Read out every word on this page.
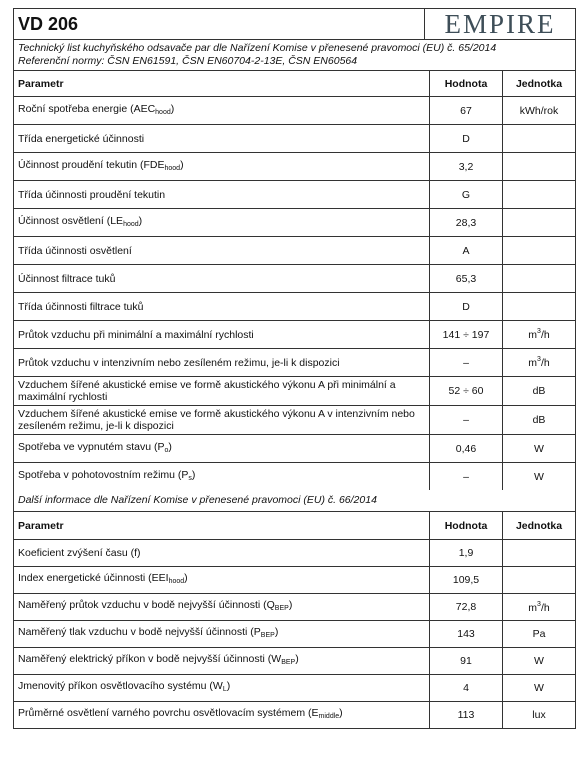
VD 206	EMPIRE
Technický list kuchyňského odsavače par dle Nařízení Komise v přenesené pravomoci (EU) č. 65/2014
Referenční normy: ČSN EN61591, ČSN EN60704-2-13E, ČSN EN60564
Parametr	Hodnota	Jednotka
Roční spotřeba energie $(AEC_{hood})$	67	kWh/rok
Třída energetické účinnosti	D
Účinnost proudění tekutin $(FDE_{hood})$	3,2
Třída účinnosti proudění tekutin	G
Účinnost osvětlení $(LE_{hood})$	28,3
Třída účinnosti osvětlení	A
Účinnost filtrace tuků	65,3
Třída účinnosti filtrace tuků	D
Průtok vzduchu při minimální a maximální rychlosti	141 ÷ 197	$m^3/h$
Průtok vzduchu v intenzivním nebo zesíleném režimu, je-li k dispozici	–	$m^3/h$
Vzduchem šířené akustické emise ve formě akustického výkonu A při minimální a maximální rychlosti	52 ÷ 60	dB
Vzduchem šířené akustické emise ve formě akustického výkonu A v intenzivním nebo zesíleném režimu, je-li k dispozici	–	dB
Spotřeba ve vypnutém stavu $(P_o)$	0,46	W
Spotřeba v pohotovostním režimu $(P_s)$	–	W
Další informace dle Nařízení Komise v přenesené pravomoci (EU) č. 66/2014
Parametr	Hodnota	Jednotka
Koeficient zvýšení času (f)	1,9
Index energetické účinnosti $(EEI_{hood})$	109,5
Naměřený průtok vzduchu v bodě nejvyšší účinnosti $(Q_{BEP})$	72,8	$m^3/h$
Naměřený tlak vzduchu v bodě nejvyšší účinnosti $(P_{BEP})$	143	Pa
Naměřený elektrický příkon v bodě nejvyšší účinnosti $(W_{BEP})$	91	W
Jmenovitý příkon osvětlovacího systému $(W_L)$	4	W
Průměrné osvětlení varného povrchu osvětlovacím systémem $(E_{middle})$	113	lux
